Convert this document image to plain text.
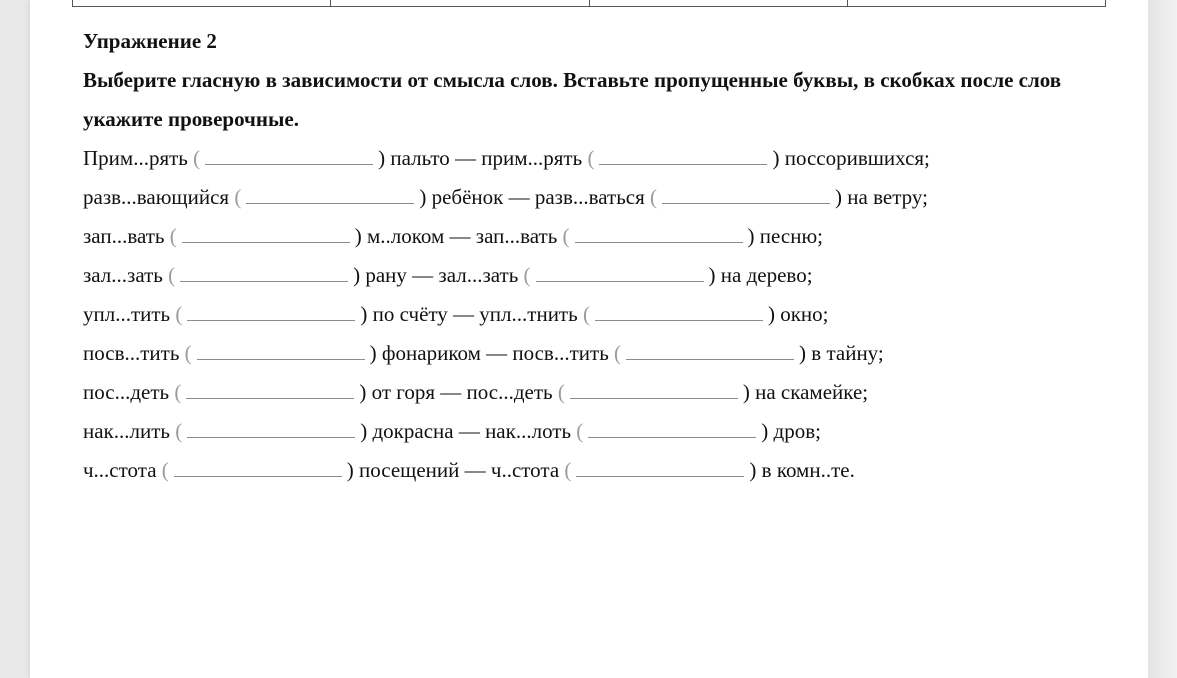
Упражнение 2

Выберите гласную в зависимости от смысла слов. Вставьте пропущенные буквы, в скобках после слов укажите проверочные.

Прим...рять (	) пальто — прим...рять (	) поссорившихся;
разв...вающийся (	) ребёнок — разв...ваться (	) на ветру;
зап...вать (	) м..локом — зап...вать (	) песню;
зал...зать (	) рану — зал...зать (	) на дерево;
упл...тить (	) по счёту — упл...тнить (	) окно;
посв...тить (	) фонариком — посв...тить (	) в тайну;
пос...деть (	) от горя — пос...деть (	) на скамейке;
нак...лить (	) докрасна — нак...лоть (	) дров;
ч...стота (	) посещений — ч..стота (	) в комн..те.
